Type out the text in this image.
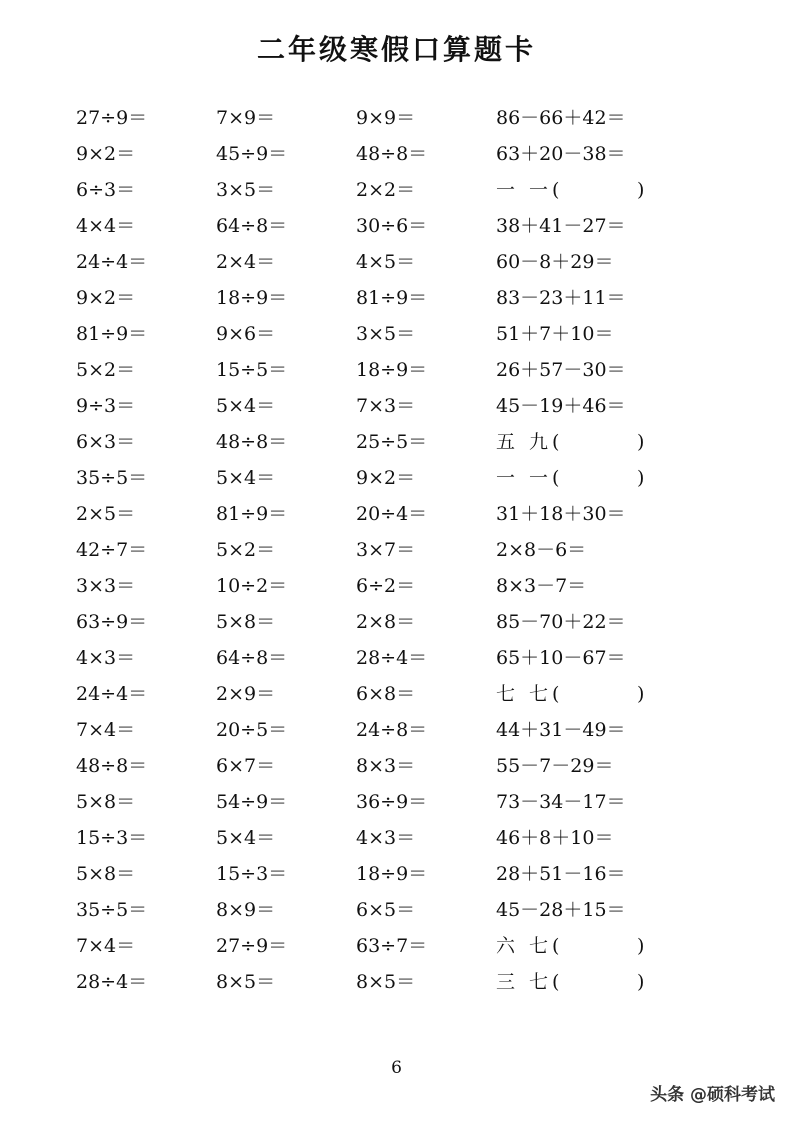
二年级寒假口算题卡
27÷9＝	7×9＝	9×9＝	86－66＋42＝
9×2＝	45÷9＝	48÷8＝	63＋20－38＝
6÷3＝	3×5＝	2×2＝	一 一 (	)
4×4＝	64÷8＝	30÷6＝	38＋41－27＝
24÷4＝	2×4＝	4×5＝	60－8＋29＝
9×2＝	18÷9＝	81÷9＝	83－23＋11＝
81÷9＝	9×6＝	3×5＝	51＋7＋10＝
5×2＝	15÷5＝	18÷9＝	26＋57－30＝
9÷3＝	5×4＝	7×3＝	45－19＋46＝
6×3＝	48÷8＝	25÷5＝	五 九 (	)
35÷5＝	5×4＝	9×2＝	一 一 (	)
2×5＝	81÷9＝	20÷4＝	31＋18＋30＝
42÷7＝	5×2＝	3×7＝	2×8－6＝
3×3＝	10÷2＝	6÷2＝	8×3－7＝
63÷9＝	5×8＝	2×8＝	85－70＋22＝
4×3＝	64÷8＝	28÷4＝	65＋10－67＝
24÷4＝	2×9＝	6×8＝	七 七 (	)
7×4＝	20÷5＝	24÷8＝	44＋31－49＝
48÷8＝	6×7＝	8×3＝	55－7－29＝
5×8＝	54÷9＝	36÷9＝	73－34－17＝
15÷3＝	5×4＝	4×3＝	46＋8＋10＝
5×8＝	15÷3＝	18÷9＝	28＋51－16＝
35÷5＝	8×9＝	6×5＝	45－28＋15＝
7×4＝	27÷9＝	63÷7＝	六 七 (	)
28÷4＝	8×5＝	8×5＝	三 七 (	)
6
头条 @硕科考试
